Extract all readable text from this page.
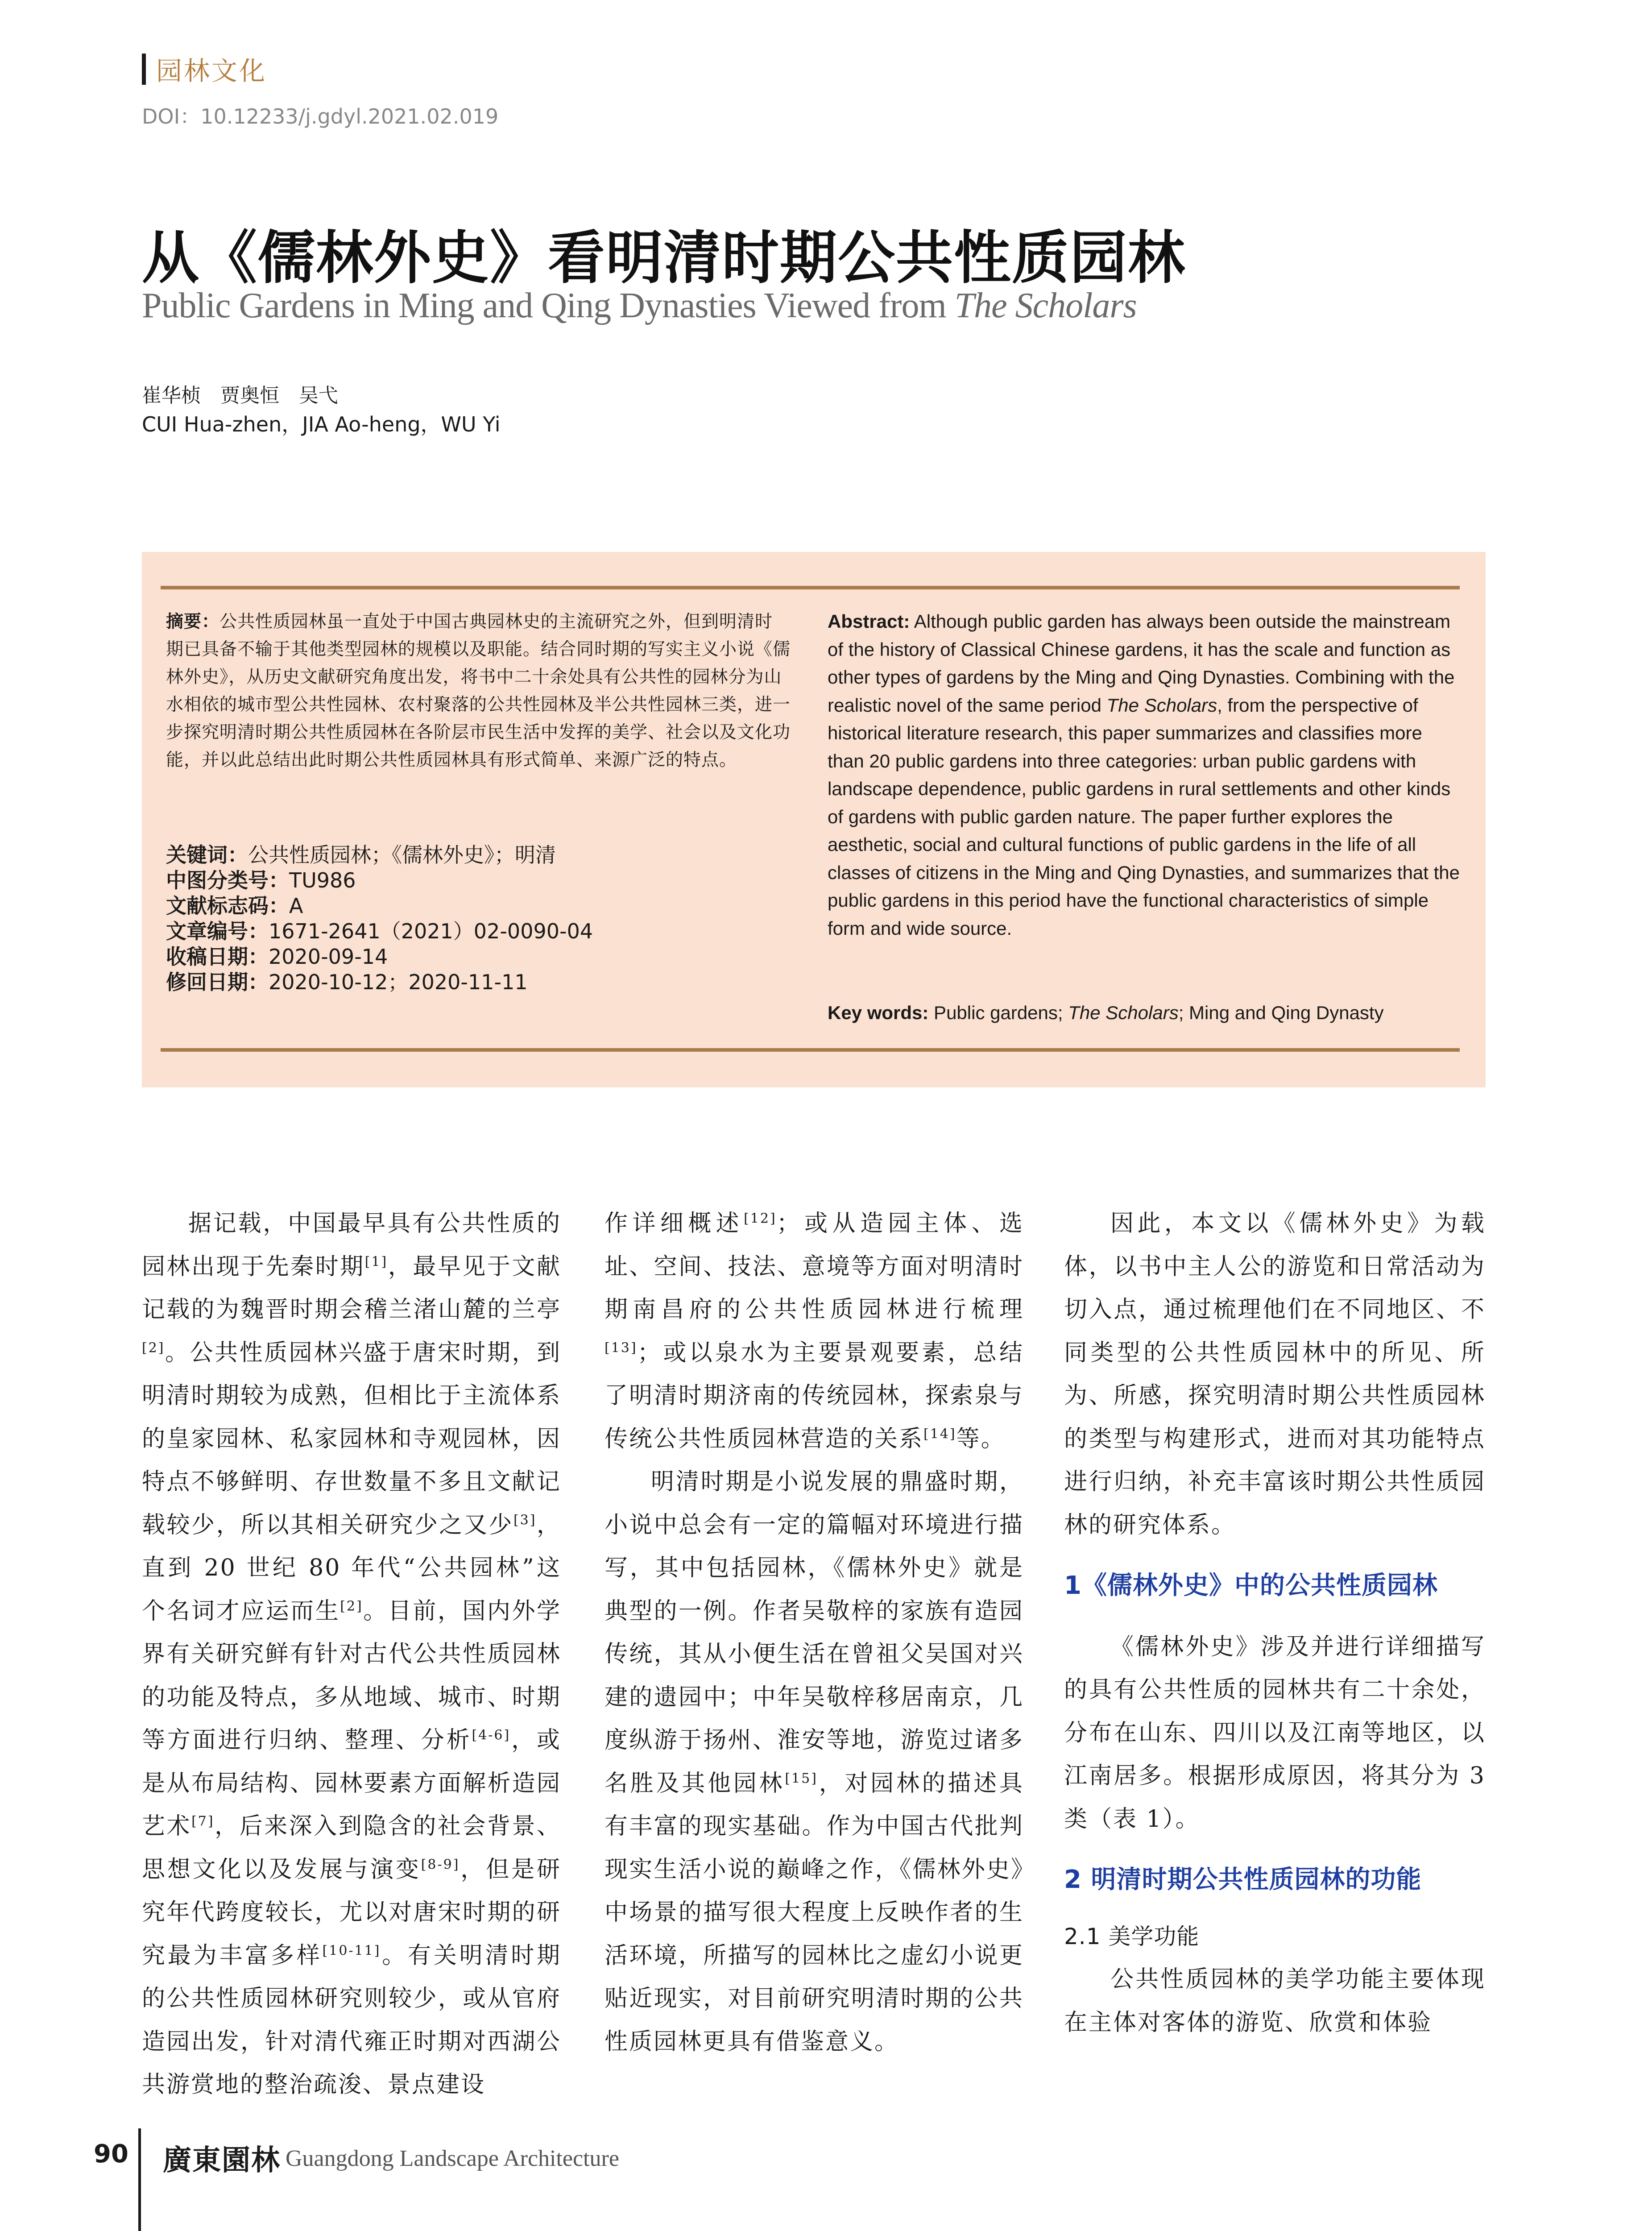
园林文化
DOI：10.12233/j.gdyl.2021.02.019
从《儒林外史》看明清时期公共性质园林
Public Gardens in Ming and Qing Dynasties Viewed from The Scholars
崔华桢　贾奥恒　吴弋
CUI Hua-zhen，JIA Ao-heng，WU Yi
摘要：公共性质园林虽一直处于中国古典园林史的主流研究之外，但到明清时期已具备不输于其他类型园林的规模以及职能。结合同时期的写实主义小说《儒林外史》，从历史文献研究角度出发，将书中二十余处具有公共性的园林分为山水相依的城市型公共性园林、农村聚落的公共性园林及半公共性园林三类，进一步探究明清时期公共性质园林在各阶层市民生活中发挥的美学、社会以及文化功能，并以此总结出此时期公共性质园林具有形式简单、来源广泛的特点。
关键词：公共性质园林；《儒林外史》；明清
中图分类号：TU986
文献标志码：A
文章编号：1671-2641（2021）02-0090-04
收稿日期：2020-09-14
修回日期：2020-10-12；2020-11-11
Abstract: Although public garden has always been outside the mainstream of the history of Classical Chinese gardens, it has the scale and function as other types of gardens by the Ming and Qing Dynasties. Combining with the realistic novel of the same period The Scholars, from the perspective of historical literature research, this paper summarizes and classifies more than 20 public gardens into three categories: urban public gardens with landscape dependence, public gardens in rural settlements and other kinds of gardens with public garden nature. The paper further explores the aesthetic, social and cultural functions of public gardens in the life of all classes of citizens in the Ming and Qing Dynasties, and summarizes that the public gardens in this period have the functional characteristics of simple form and wide source.
Key words: Public gardens; The Scholars; Ming and Qing Dynasty

据记载，中国最早具有公共性质的园林出现于先秦时期[1]，最早见于文献记载的为魏晋时期会稽兰渚山麓的兰亭[2]。公共性质园林兴盛于唐宋时期，到明清时期较为成熟，但相比于主流体系的皇家园林、私家园林和寺观园林，因特点不够鲜明、存世数量不多且文献记载较少，所以其相关研究少之又少[3]，直到 20 世纪 80 年代“公共园林”这个名词才应运而生[2]。目前，国内外学界有关研究鲜有针对古代公共性质园林的功能及特点，多从地域、城市、时期等方面进行归纳、整理、分析[4-6]，或是从布局结构、园林要素方面解析造园艺术[7]，后来深入到隐含的社会背景、思想文化以及发展与演变[8-9]，但是研究年代跨度较长，尤以对唐宋时期的研究最为丰富多样[10-11]。有关明清时期的公共性质园林研究则较少，或从官府造园出发，针对清代雍正时期对西湖公共游赏地的整治疏浚、景点建设

作详细概述[12]；或从造园主体、选址、空间、技法、意境等方面对明清时期南昌府的公共性质园林进行梳理[13]；或以泉水为主要景观要素，总结了明清时期济南的传统园林，探索泉与传统公共性质园林营造的关系[14]等。

明清时期是小说发展的鼎盛时期，小说中总会有一定的篇幅对环境进行描写，其中包括园林，《儒林外史》就是典型的一例。作者吴敬梓的家族有造园传统，其从小便生活在曾祖父吴国对兴建的遗园中；中年吴敬梓移居南京，几度纵游于扬州、淮安等地，游览过诸多名胜及其他园林[15]，对园林的描述具有丰富的现实基础。作为中国古代批判现实生活小说的巅峰之作，《儒林外史》中场景的描写很大程度上反映作者的生活环境，所描写的园林比之虚幻小说更贴近现实，对目前研究明清时期的公共性质园林更具有借鉴意义。

因此，本文以《儒林外史》为载体，以书中主人公的游览和日常活动为切入点，通过梳理他们在不同地区、不同类型的公共性质园林中的所见、所为、所感，探究明清时期公共性质园林的类型与构建形式，进而对其功能特点进行归纳，补充丰富该时期公共性质园林的研究体系。

1《儒林外史》中的公共性质园林

《儒林外史》涉及并进行详细描写的具有公共性质的园林共有二十余处，分布在山东、四川以及江南等地区，以江南居多。根据形成原因，将其分为 3 类（表 1）。

2 明清时期公共性质园林的功能

2.1 美学功能

公共性质园林的美学功能主要体现在主体对客体的游览、欣赏和体验

90 廣東園林 Guangdong Landscape Architecture
